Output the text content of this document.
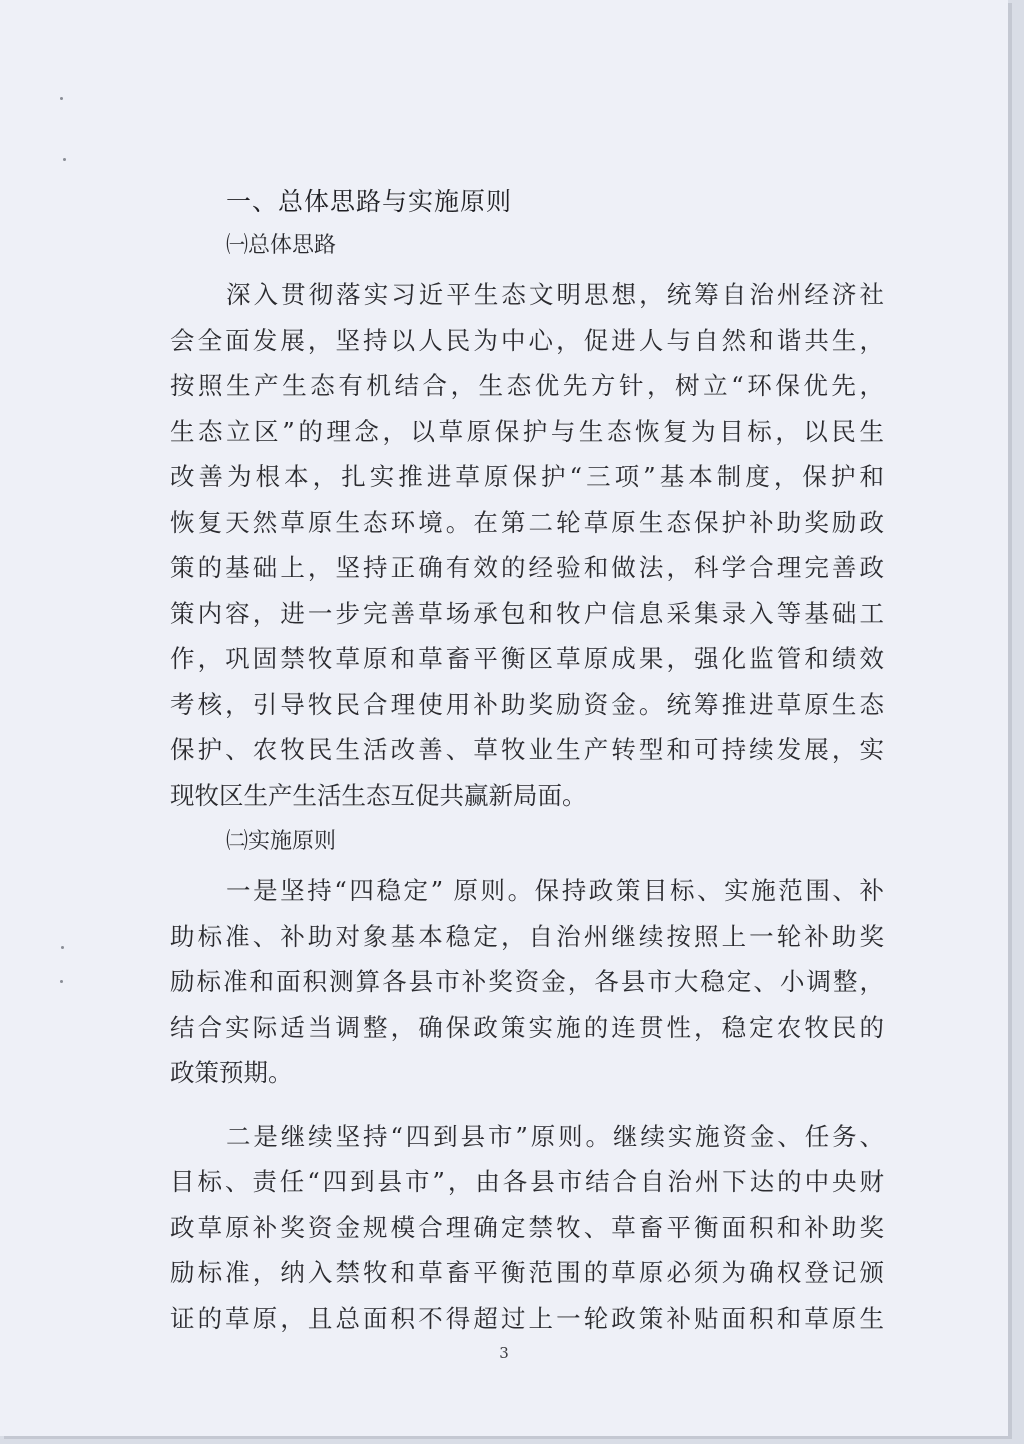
一、总体思路与实施原则
㈠总体思路
深入贯彻落实习近平生态文明思想，统筹自治州经济社
会全面发展，坚持以人民为中心，促进人与自然和谐共生，
按照生产生态有机结合，生态优先方针，树立“环保优先，
生态立区”的理念，以草原保护与生态恢复为目标，以民生
改善为根本，扎实推进草原保护“三项”基本制度，保护和
恢复天然草原生态环境。在第二轮草原生态保护补助奖励政
策的基础上，坚持正确有效的经验和做法，科学合理完善政
策内容，进一步完善草场承包和牧户信息采集录入等基础工
作，巩固禁牧草原和草畜平衡区草原成果，强化监管和绩效
考核，引导牧民合理使用补助奖励资金。统筹推进草原生态
保护、农牧民生活改善、草牧业生产转型和可持续发展，实
现牧区生产生活生态互促共赢新局面。
㈡实施原则
一是坚持“四稳定” 原则。保持政策目标、实施范围、补
助标准、补助对象基本稳定，自治州继续按照上一轮补助奖
励标准和面积测算各县市补奖资金，各县市大稳定、小调整，
结合实际适当调整，确保政策实施的连贯性，稳定农牧民的
政策预期。
二是继续坚持“四到县市”原则。继续实施资金、任务、
目标、责任“四到县市”，由各县市结合自治州下达的中央财
政草原补奖资金规模合理确定禁牧、草畜平衡面积和补助奖
励标准，纳入禁牧和草畜平衡范围的草原必须为确权登记颁
证的草原，且总面积不得超过上一轮政策补贴面积和草原生
3
